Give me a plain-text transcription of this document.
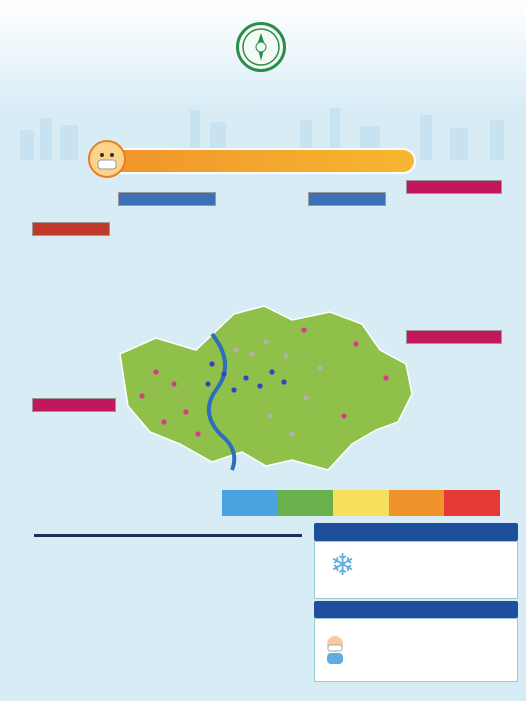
❄
